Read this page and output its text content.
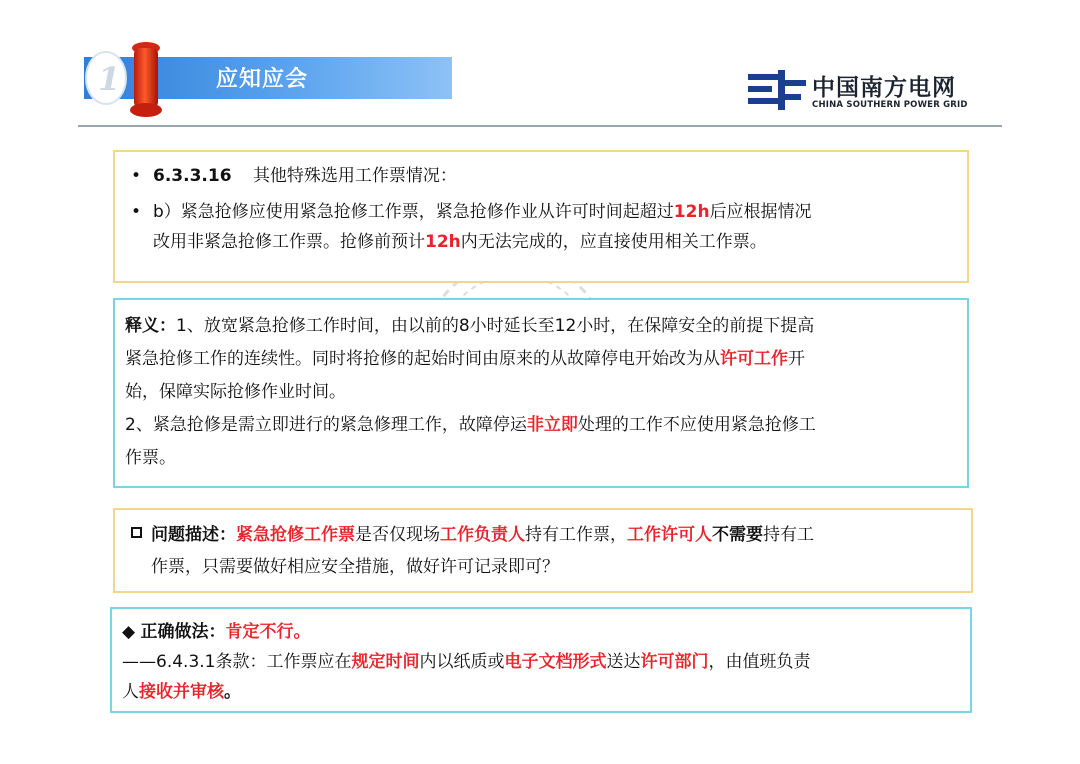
1	应知应会	中国南方电网
CHINA SOUTHERN POWER GRID
• 6.3.3.16 其他特殊选用工作票情况：
• b）紧急抢修应使用紧急抢修工作票，紧急抢修作业从许可时间起超过12h后应根据情况
改用非紧急抢修工作票。抢修前预计12h内无法完成的，应直接使用相关工作票。
释义：1、放宽紧急抢修工作时间，由以前的8小时延长至12小时，在保障安全的前提下提高
紧急抢修工作的连续性。同时将抢修的起始时间由原来的从故障停电开始改为从许可工作开
始，保障实际抢修作业时间。
2、紧急抢修是需立即进行的紧急修理工作，故障停运非立即处理的工作不应使用紧急抢修工
作票。
问题描述：紧急抢修工作票是否仅现场工作负责人持有工作票，工作许可人不需要持有工
作票，只需要做好相应安全措施，做好许可记录即可？
◆ 正确做法：肯定不行。
——6.4.3.1条款：工作票应在规定时间内以纸质或电子文档形式送达许可部门，由值班负责
人接收并审核。
